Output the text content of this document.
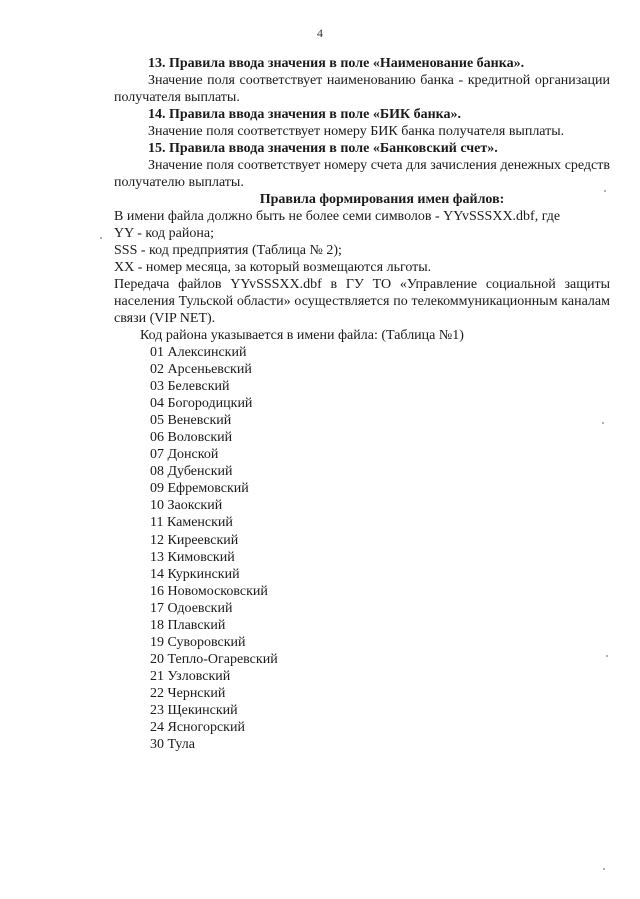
4

13. Правила ввода значения в поле «Наименование банка».

Значение поля соответствует наименованию банка - кредитной организации получателя выплаты.

14. Правила ввода значения в поле «БИК банка».

Значение поля соответствует номеру БИК банка получателя выплаты.

15. Правила ввода значения в поле «Банковский счет».

Значение поля соответствует номеру счета для зачисления денежных средств получателю выплаты.

Правила формирования имен файлов:

В имени файла должно быть не более семи символов - YYvSSSXX.dbf, где

YY - код района;

SSS - код предприятия (Таблица № 2);

XX - номер месяца, за который возмещаются льготы.

Передача файлов YYvSSSXX.dbf в ГУ ТО «Управление социальной защиты населения Тульской области» осуществляется по телекоммуникационным каналам связи (VIP NET).

Код района указывается в имени файла: (Таблица №1)

01 Алексинский
02 Арсеньевский
03 Белевский
04 Богородицкий
05 Веневский
06 Воловский
07 Донской
08 Дубенский
09 Ефремовский
10 Заокский
11 Каменский
12 Киреевский
13 Кимовский
14 Куркинский
16 Новомосковский
17 Одоевский
18 Плавский
19 Суворовский
20 Тепло-Огаревский
21 Узловский
22 Чернский
23 Щекинский
24 Ясногорский
30 Тула
